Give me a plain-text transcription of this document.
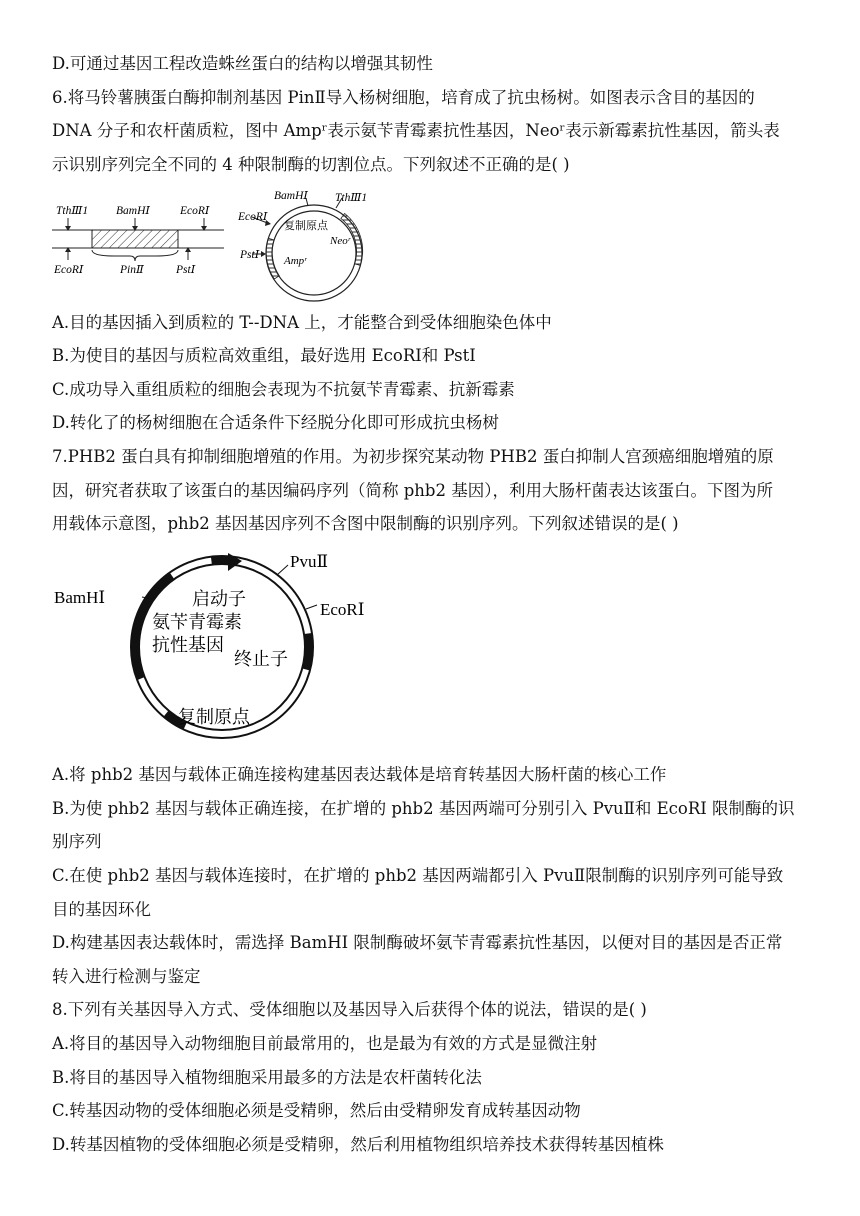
D.可通过基因工程改造蛛丝蛋白的结构以增强其韧性
6.将马铃薯胰蛋白酶抑制剂基因 PinⅡ导入杨树细胞，培育成了抗虫杨树。如图表示含目的基因的
DNA 分子和农杆菌质粒，图中 Ampʳ表示氨苄青霉素抗性基因，Neoʳ表示新霉素抗性基因，箭头表
示识别序列完全不同的 4 种限制酶的切割位点。下列叙述不正确的是( )
TthⅢ1 BamHⅠ	EcoRⅠ
EcoRⅠ	PinⅡ	PstⅠ
BamHⅠ TthⅢ1
EcoRⅠ
复制原点
Neoʳ
PstⅠ Ampʳ
A.目的基因插入到质粒的 T--DNA 上，才能整合到受体细胞染色体中
B.为使目的基因与质粒高效重组，最好选用 EcoRⅠ和 PstⅠ
C.成功导入重组质粒的细胞会表现为不抗氨苄青霉素、抗新霉素
D.转化了的杨树细胞在合适条件下经脱分化即可形成抗虫杨树
7.PHB2 蛋白具有抑制细胞增殖的作用。为初步探究某动物 PHB2 蛋白抑制人宫颈癌细胞增殖的原
因，研究者获取了该蛋白的基因编码序列（简称 phb2 基因），利用大肠杆菌表达该蛋白。下图为所
用载体示意图，phb2 基因基因序列不含图中限制酶的识别序列。下列叙述错误的是( )
BamHⅠ
PvuⅡ
EcoRⅠ
启动子
氨苄青霉素
抗性基因
终止子
复制原点
A.将 phb2 基因与载体正确连接构建基因表达载体是培育转基因大肠杆菌的核心工作
B.为使 phb2 基因与载体正确连接，在扩增的 phb2 基因两端可分别引入 PvuⅡ和 EcoRI 限制酶的识
别序列
C.在使 phb2 基因与载体连接时，在扩增的 phb2 基因两端都引入 PvuⅡ限制酶的识别序列可能导致
目的基因环化
D.构建基因表达载体时，需选择 BamHI 限制酶破坏氨苄青霉素抗性基因，以便对目的基因是否正常
转入进行检测与鉴定
8.下列有关基因导入方式、受体细胞以及基因导入后获得个体的说法，错误的是( )
A.将目的基因导入动物细胞目前最常用的，也是最为有效的方式是显微注射
B.将目的基因导入植物细胞采用最多的方法是农杆菌转化法
C.转基因动物的受体细胞必须是受精卵，然后由受精卵发育成转基因动物
D.转基因植物的受体细胞必须是受精卵，然后利用植物组织培养技术获得转基因植株
